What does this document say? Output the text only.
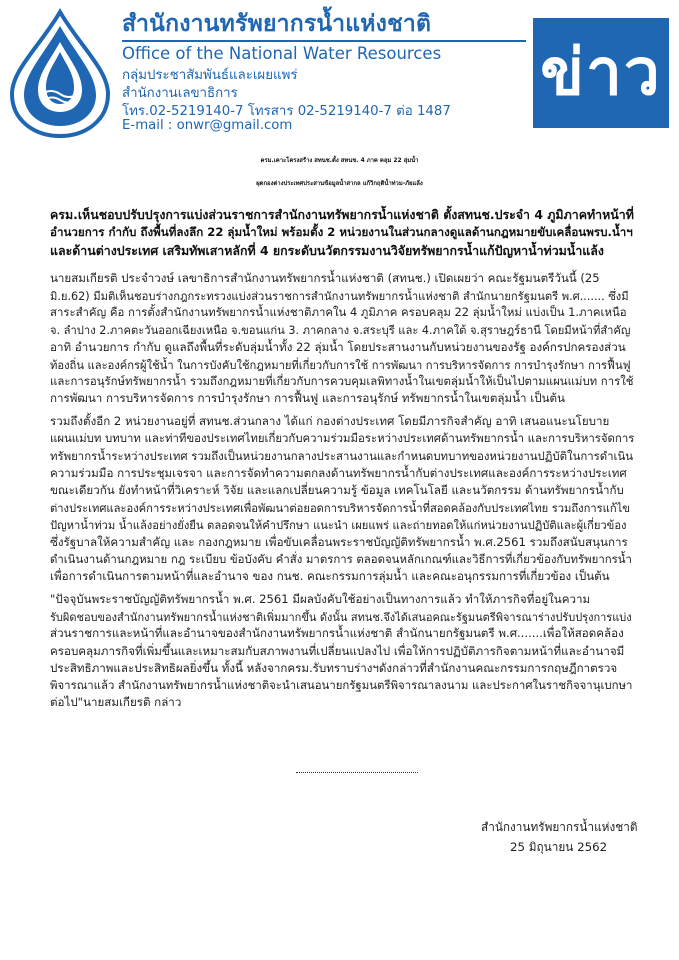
สำนักงานทรัพยากรน้ำแห่งชาติ
Office of the National Water Resources
กลุ่มประชาสัมพันธ์และเผยแพร่
สำนักงานเลขาธิการ
โทร.02-5219140-7 โทรสาร 02-5219140-7 ต่อ 1487
E-mail : onwr@gmail.com
ข่าว
ครม.เคาะโครงสร้าง สทนช.ตั้ง สทนช. 4 ภาค คลุม 22 ลุ่มน้ำ
ผุดกองต่างประเทศประสานข้อมูลน้ำสากล แก้วิกฤติน้ำท่วม-ภัยแล้ง
ครม.เห็นชอบปรับปรุงการแบ่งส่วนราชการสำนักงานทรัพยากรน้ำแห่งชาติ ตั้งสทนช.ประจำ 4 ภูมิภาคทำหน้าที่
อำนวยการ กำกับ ถึงพื้นที่ลงลึก 22 ลุ่มน้ำใหม่ พร้อมตั้ง 2 หน่วยงานในส่วนกลางดูแลด้านกฎหมายขับเคลื่อนพรบ.น้ำฯ
และด้านต่างประเทศ เสริมทัพเสาหลักที่ 4 ยกระดับนวัตกรรมงานวิจัยทรัพยากรน้ำแก้ปัญหาน้ำท่วมน้ำแล้ง
นายสมเกียรติ ประจำวงษ์ เลขาธิการสำนักงานทรัพยากรน้ำแห่งชาติ (สทนช.) เปิดเผยว่า คณะรัฐมนตรีวันนี้ (25
มิ.ย.62) มีมติเห็นชอบร่างกฎกระทรวงแบ่งส่วนราชการสำนักงานทรัพยากรน้ำแห่งชาติ สำนักนายกรัฐมนตรี พ.ศ....... ซึ่งมี
สาระสำคัญ คือ การตั้งสำนักงานทรัพยากรน้ำแห่งชาติภาคใน 4 ภูมิภาค ครอบคลุม 22 ลุ่มน้ำใหม่ แบ่งเป็น 1.ภาคเหนือ
จ. ลำปาง 2.ภาคตะวันออกเฉียงเหนือ จ.ขอนแก่น 3. ภาคกลาง จ.สระบุรี และ 4.ภาคใต้ จ.สุราษฎร์ธานี โดยมีหน้าที่สำคัญ
อาทิ อำนวยการ กำกับ ดูแลถึงพื้นที่ระดับลุ่มน้ำทั้ง 22 ลุ่มน้ำ โดยประสานงานกับหน่วยงานของรัฐ องค์กรปกครองส่วน
ท้องถิ่น และองค์กรผู้ใช้น้ำ ในการบังคับใช้กฎหมายที่เกี่ยวกับการใช้ การพัฒนา การบริหารจัดการ การบำรุงรักษา การฟื้นฟู
และการอนุรักษ์ทรัพยากรน้ำ รวมถึงกฎหมายที่เกี่ยวกับการควบคุมเลพิทางน้ำในเขตลุ่มน้ำให้เป็นไปตามแผนแม่บท การใช้
การพัฒนา การบริหารจัดการ การบำรุงรักษา การฟื้นฟู และการอนุรักษ์ ทรัพยากรน้ำในเขตลุ่มน้ำ เป็นต้น
รวมถึงตั้งอีก 2 หน่วยงานอยู่ที่ สทนช.ส่วนกลาง ได้แก่ กองต่างประเทศ โดยมีภารกิจสำคัญ อาทิ เสนอแนะนโยบาย
แผนแม่บท บทบาท และท่าทีของประเทศไทยเกี่ยวกับความร่วมมือระหว่างประเทศด้านทรัพยากรน้ำ และการบริหารจัดการ
ทรัพยากรน้ำระหว่างประเทศ รวมถึงเป็นหน่วยงานกลางประสานงานและกำหนดบทบาทของหน่วยงานปฏิบัติในการดำเนิน
ความร่วมมือ การประชุมเจรจา และการจัดทำความตกลงด้านทรัพยากรน้ำกับต่างประเทศและองค์การระหว่างประเทศ
ขณะเดียวกัน ยังทำหน้าที่วิเคราะห์ วิจัย และแลกเปลี่ยนความรู้ ข้อมูล เทคโนโลยี และนวัตกรรม ด้านทรัพยากรน้ำกับ
ต่างประเทศและองค์การระหว่างประเทศเพื่อพัฒนาต่อยอดการบริหารจัดการน้ำที่สอดคล้องกับประเทศไทย รวมถึงการแก้ไข
ปัญหาน้ำท่วม น้ำแล้งอย่างยั่งยืน ตลอดจนให้คำปรึกษา แนะนำ เผยแพร่ และถ่ายทอดให้แก่หน่วยงานปฏิบัติและผู้เกี่ยวข้อง
ซึ่งรัฐบาลให้ความสำคัญ และ กองกฎหมาย เพื่อขับเคลื่อนพระราชบัญญัติทรัพยากรน้ำ พ.ศ.2561 รวมถึงสนับสนุนการ
ดำเนินงานด้านกฎหมาย กฎ ระเบียบ ข้อบังคับ คำสั่ง มาตรการ ตลอดจนหลักเกณฑ์และวิธีการที่เกี่ยวข้องกับทรัพยากรน้ำ
เพื่อการดำเนินการตามหน้าที่และอำนาจ ของ กนช. คณะกรรมการลุ่มน้ำ และคณะอนุกรรมการที่เกี่ยวข้อง เป็นต้น
"ปัจจุบันพระราชบัญญัติทรัพยากรน้ำ พ.ศ. 2561 มีผลบังคับใช้อย่างเป็นทางการแล้ว ทำให้ภารกิจที่อยู่ในความ
รับผิดชอบของสำนักงานทรัพยากรน้ำแห่งชาติเพิ่มมากขึ้น ดังนั้น สทนช.จึงได้เสนอคณะรัฐมนตรีพิจารณาร่างปรับปรุงการแบ่ง
ส่วนราชการและหน้าที่และอำนาจของสำนักงานทรัพยากรน้ำแห่งชาติ สำนักนายกรัฐมนตรี พ.ศ.......เพื่อให้สอดคล้อง
ครอบคลุมภารกิจที่เพิ่มขึ้นและเหมาะสมกับสภาพงานที่เปลี่ยนแปลงไป เพื่อให้การปฏิบัติภารกิจตามหน้าที่และอำนาจมี
ประสิทธิภาพและประสิทธิผลยิ่งขึ้น ทั้งนี้ หลังจากครม.รับทราบร่างฯดังกล่าวที่สำนักงานคณะกรรมการกฤษฎีกาตรวจ
พิจารณาแล้ว สำนักงานทรัพยากรน้ำแห่งชาติจะนำเสนอนายกรัฐมนตรีพิจารณาลงนาม และประกาศในราชกิจจานุเบกษา
ต่อไป"นายสมเกียรติ กล่าว
สำนักงานทรัพยากรน้ำแห่งชาติ
25 มิถุนายน 2562
